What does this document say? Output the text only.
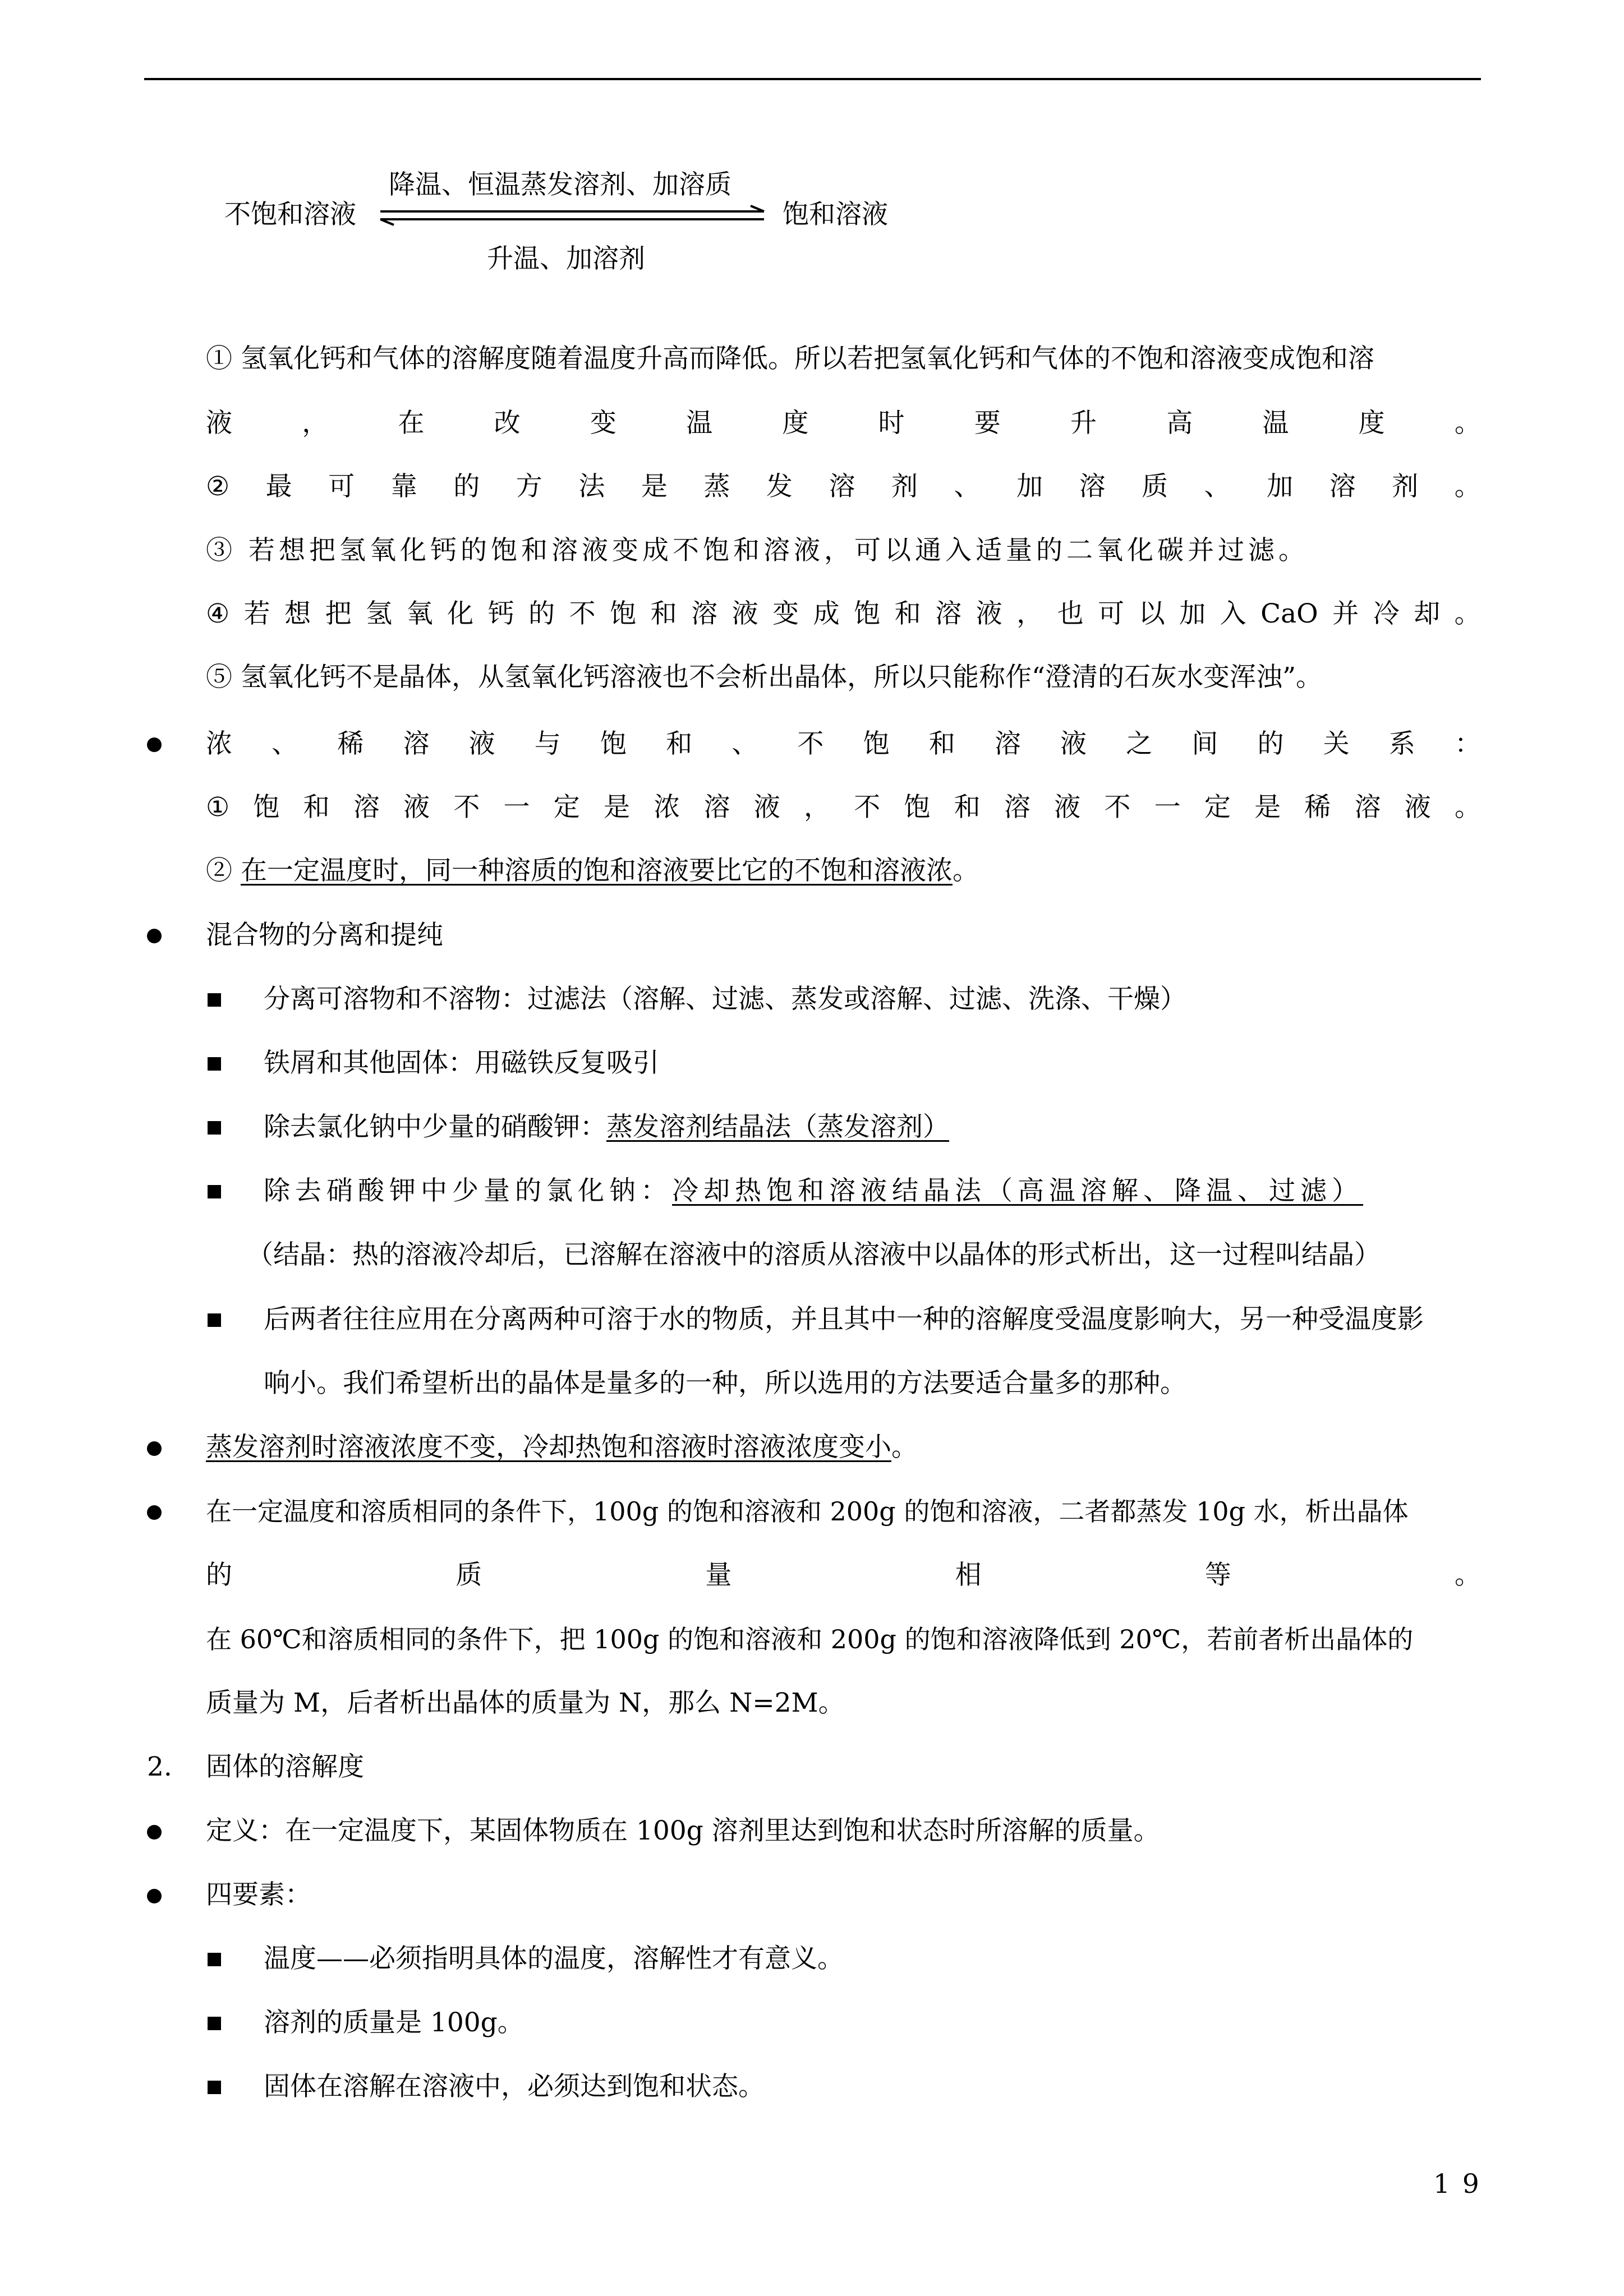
降温、恒温蒸发溶剂、加溶质
不饱和溶液	饱和溶液
升温、加溶剂
① 氢氧化钙和气体的溶解度随着温度升高而降低。所以若把氢氧化钙和气体的不饱和溶液变成饱和溶
液	，	在	改	变	温	度	时	要	升	高	温	度	。
② 最 可 靠 的 方 法 是 蒸 发 溶 剂 、 加 溶 质 、 加 溶 剂 。
③ 若想把氢氧化钙的饱和溶液变成不饱和溶液，可以通入适量的二氧化碳并过滤。
④ 若 想 把 氢 氧 化 钙 的 不 饱 和 溶 液 变 成 饱 和 溶 液 ， 也 可 以 加 入 CaO 并 冷 却 。
⑤ 氢氧化钙不是晶体，从氢氧化钙溶液也不会析出晶体，所以只能称作“澄清的石灰水变浑浊”。
浓 、 稀 溶 液 与 饱 和 、 不 饱 和 溶 液 之 间 的 关 系 ：
① 饱 和 溶 液 不 一 定 是 浓 溶 液 ， 不 饱 和 溶 液 不 一 定 是 稀 溶 液 。
② 在一定温度时，同一种溶质的饱和溶液要比它的不饱和溶液浓。
混合物的分离和提纯
分离可溶物和不溶物：过滤法（溶解、过滤、蒸发或溶解、过滤、洗涤、干燥）
铁屑和其他固体：用磁铁反复吸引
除去氯化钠中少量的硝酸钾：蒸发溶剂结晶法（蒸发溶剂）
除去硝酸钾中少量的氯化钠：冷却热饱和溶液结晶法（高温溶解、降温、过滤）
（结晶：热的溶液冷却后，已溶解在溶液中的溶质从溶液中以晶体的形式析出，这一过程叫结晶）
后两者往往应用在分离两种可溶于水的物质，并且其中一种的溶解度受温度影响大，另一种受温度影
响小。我们希望析出的晶体是量多的一种，所以选用的方法要适合量多的那种。
蒸发溶剂时溶液浓度不变，冷却热饱和溶液时溶液浓度变小。
在一定温度和溶质相同的条件下，100g 的饱和溶液和 200g 的饱和溶液，二者都蒸发 10g 水，析出晶体
的	质	量	相	等	。
在 60℃和溶质相同的条件下，把 100g 的饱和溶液和 200g 的饱和溶液降低到 20℃，若前者析出晶体的
质量为 M，后者析出晶体的质量为 N，那么 N=2M。
2.	固体的溶解度
定义：在一定温度下，某固体物质在 100g 溶剂里达到饱和状态时所溶解的质量。
四要素：
温度——必须指明具体的温度，溶解性才有意义。
溶剂的质量是 100g。
固体在溶解在溶液中，必须达到饱和状态。
19
